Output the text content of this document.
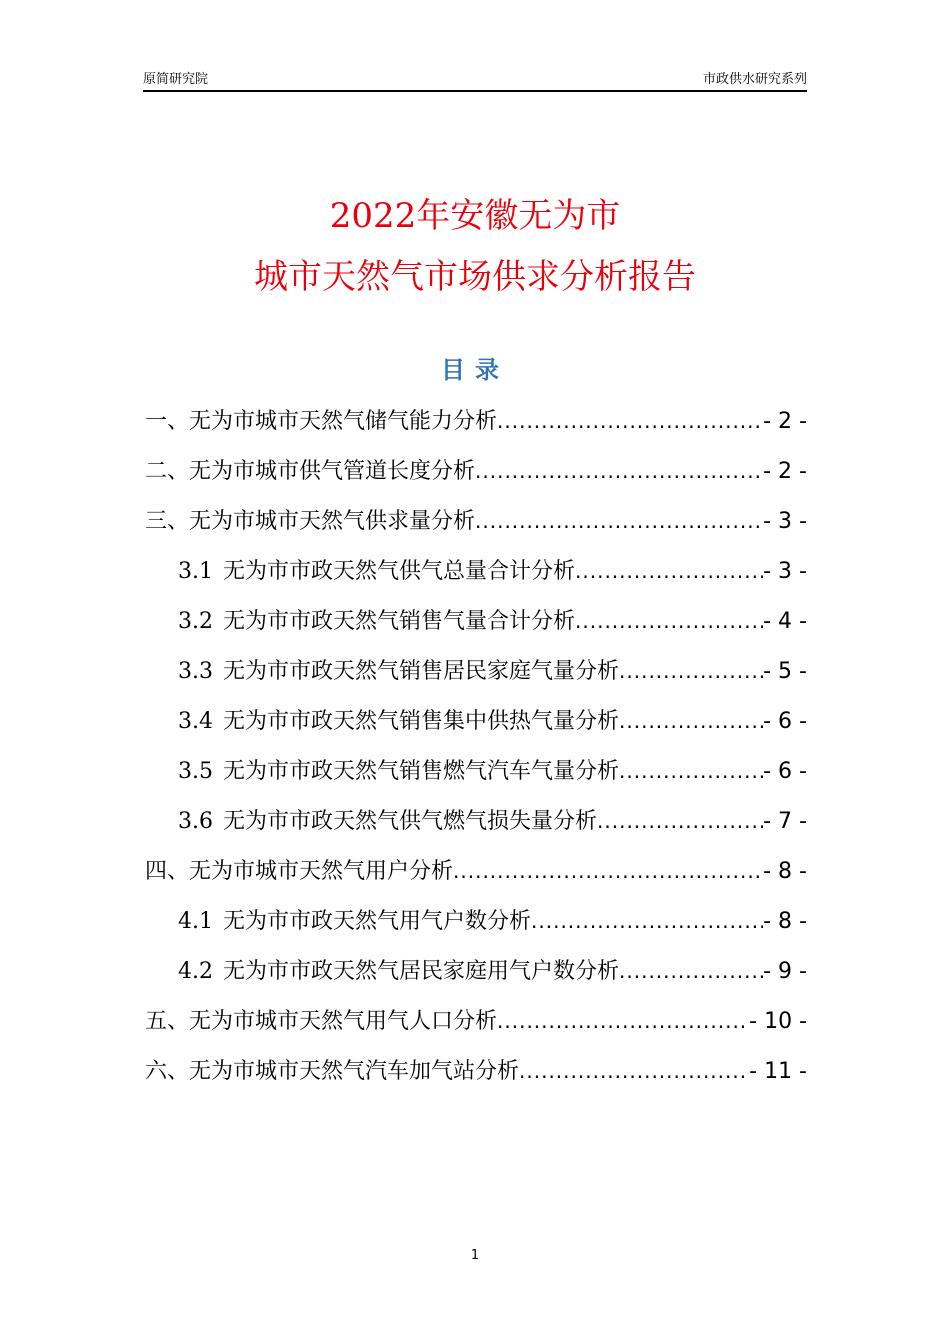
原简研究院	市政供水研究系列
2022年安徽无为市
城市天然气市场供求分析报告
目录
一、无为市城市天然气储气能力分析 .....	- 2 -
二、无为市城市供气管道长度分析 .....	- 2 -
三、无为市城市天然气供求量分析 .....	- 3 -
3.1 无为市市政天然气供气总量合计分析 .....	- 3 -
3.2 无为市市政天然气销售气量合计分析 .....	- 4 -
3.3 无为市市政天然气销售居民家庭气量分析 .....	- 5 -
3.4 无为市市政天然气销售集中供热气量分析 .....	- 6 -
3.5 无为市市政天然气销售燃气汽车气量分析 .....	- 6 -
3.6 无为市市政天然气供气燃气损失量分析 .....	- 7 -
四、无为市城市天然气用户分析 .....	- 8 -
4.1 无为市市政天然气用气户数分析 .....	- 8 -
4.2 无为市市政天然气居民家庭用气户数分析 .....	- 9 -
五、无为市城市天然气用气人口分析 .....	- 10 -
六、无为市城市天然气汽车加气站分析 .....	- 11 -
1
